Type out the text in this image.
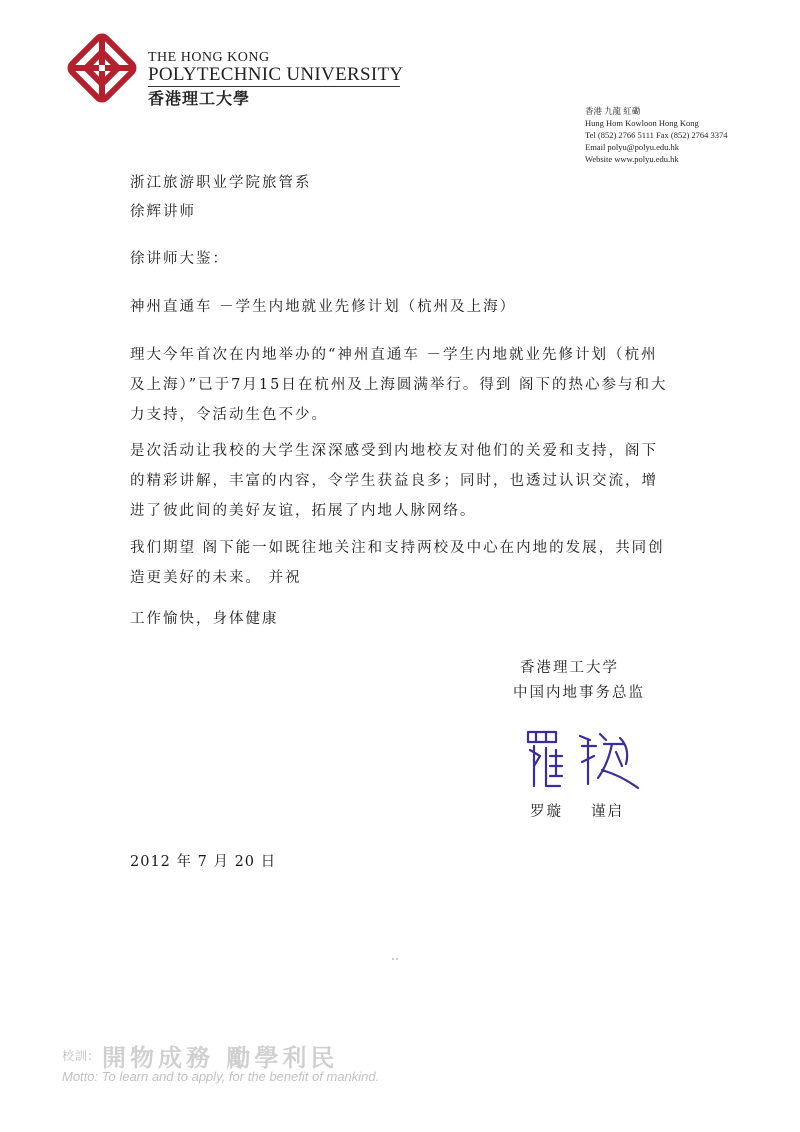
THE HONG KONG
POLYTECHNIC UNIVERSITY
香港理工大學
香港 九龍 紅磡
Hung Hom Kowloon Hong Kong
Tel (852) 2766 5111 Fax (852) 2764 3374
Email polyu@polyu.edu.hk
Website www.polyu.edu.hk
浙江旅游职业学院旅管系
徐辉讲师
徐讲师大鉴：
神州直通车 －学生内地就业先修计划（杭州及上海）
理大今年首次在内地举办的“神州直通车 －学生内地就业先修计划（杭州及上海）”已于7月15日在杭州及上海圆满举行。得到 阁下的热心参与和大力支持，令活动生色不少。
是次活动让我校的大学生深深感受到内地校友对他们的关爱和支持，阁下的精彩讲解，丰富的内容，令学生获益良多；同时，也透过认识交流，增进了彼此间的美好友谊，拓展了内地人脉网络。
我们期望 阁下能一如既往地关注和支持两校及中心在内地的发展，共同创造更美好的未来。 并祝
工作愉快，身体健康
香港理工大学
中国内地事务总监
罗璇 谨启
2012 年 7 月 20 日
校訓: 開物成務 勵學利民
Motto: To learn and to apply, for the benefit of mankind.
